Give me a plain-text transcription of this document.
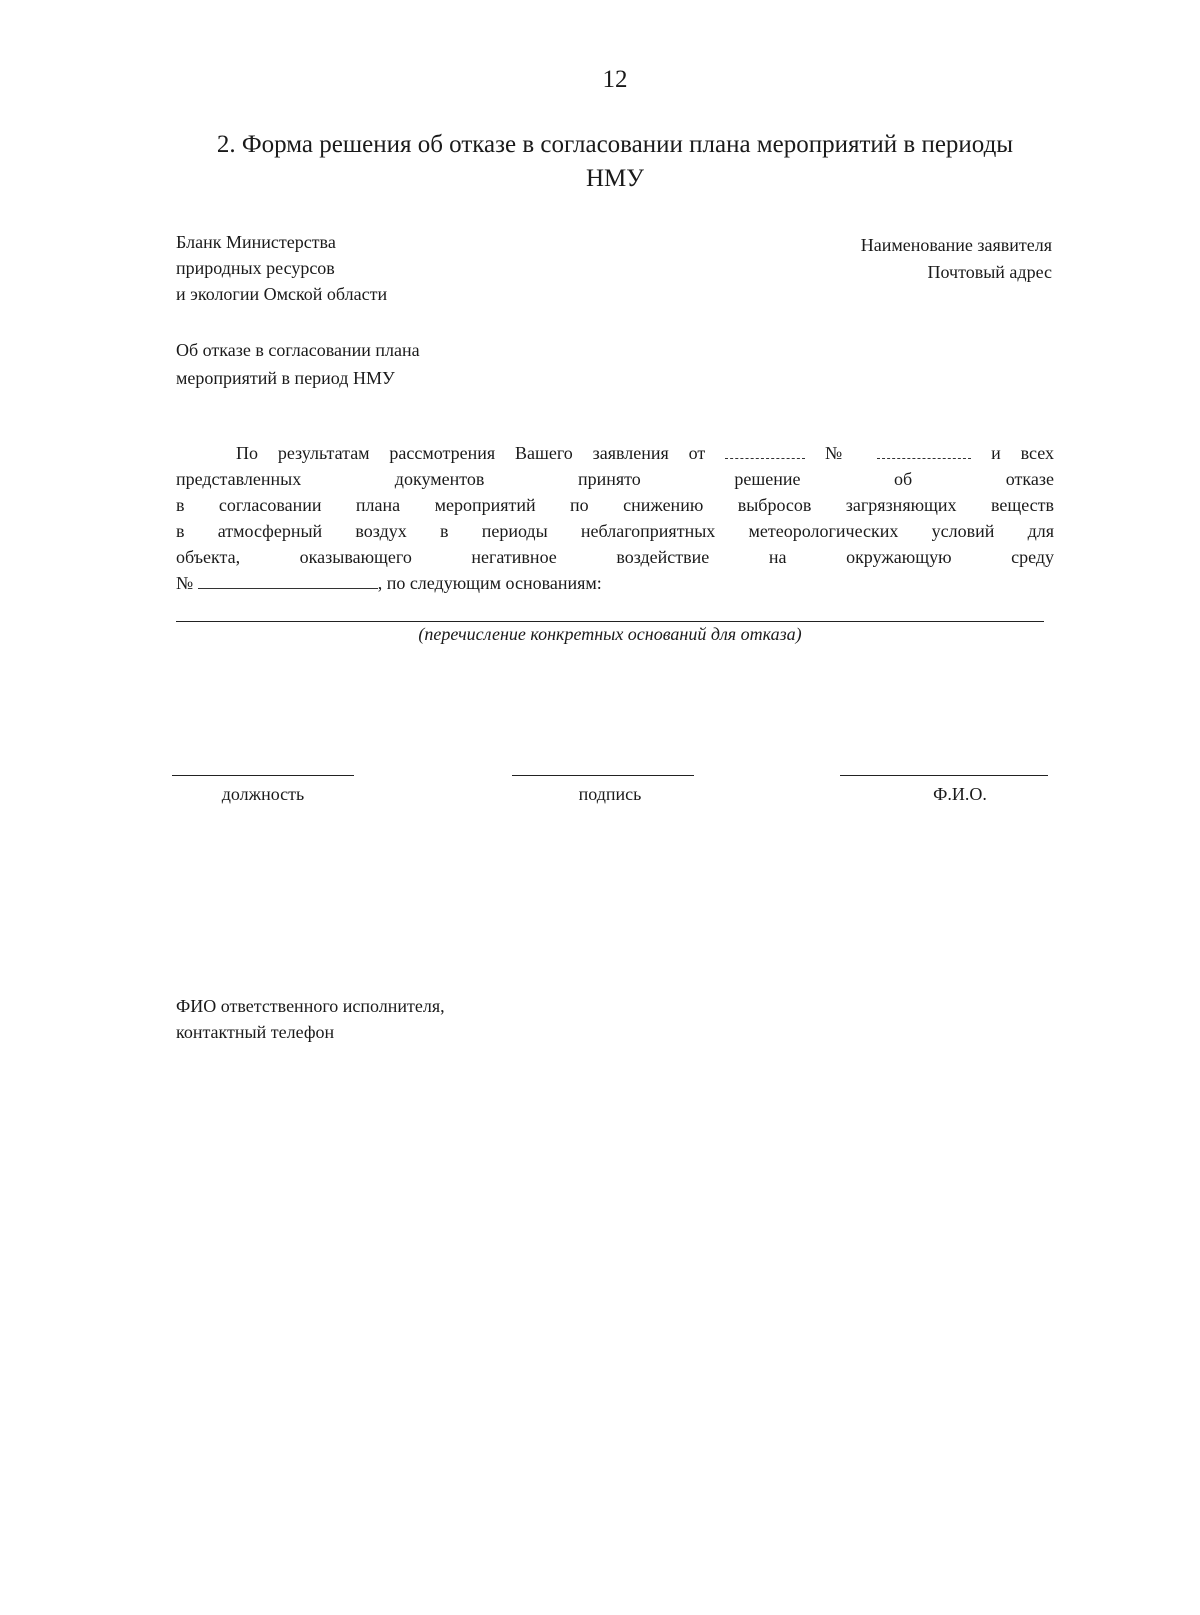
12
2. Форма решения об отказе в согласовании плана мероприятий в периоды
НМУ
Бланк Министерства
природных ресурсов
и экологии Омской области
Наименование заявителя
Почтовый адрес
Об отказе в согласовании плана
мероприятий в период НМУ
По результатам рассмотрения Вашего заявления от	№	и всех
представленных документов принято решение об отказе
в согласовании плана мероприятий по снижению выбросов загрязняющих веществ
в атмосферный воздух в периоды неблагоприятных метеорологических условий для
объекта, оказывающего негативное воздействие на окружающую среду
№	, по следующим основаниям:
(перечисление конкретных оснований для отказа)
должность	подпись	Ф.И.О.
ФИО ответственного исполнителя,
контактный телефон
